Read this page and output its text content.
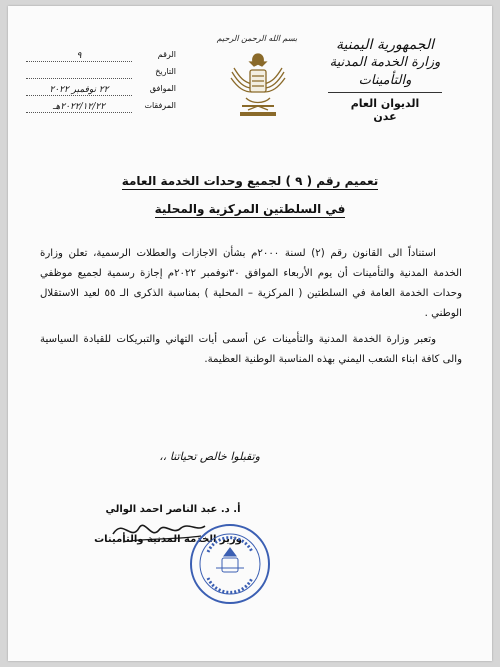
الجمهورية اليمنية
وزارة الخدمة المدنية والتأمينات
الديوان العام
عدن
بسم الله الرحمن الرحيم
الرقم
٩
التاريخ
الموافق
٢٢ نوفمبر ٢٠٢٢
المرفقات
٢٠٢٢/١٢/٢٢هـ
تعميم رقم ( ٩ ) لجميع وحدات الخدمة العامة
في السلطتين المركزية والمحلية

استناداً الى القانون رقم (٢) لسنة ٢٠٠٠م بشأن الاجازات والعطلات الرسمية، تعلن وزارة الخدمة المدنية والتأمينات أن يوم الأربعاء الموافق ٣٠نوفمبر ٢٠٢٢م إجازة رسمية لجميع موظفي وحدات الخدمة العامة في السلطتين ( المركزية – المحلية ) بمناسبة الذكرى الـ ٥٥ لعيد الاستقلال الوطني .

وتعبر وزارة الخدمة المدنية والتأمينات عن أسمى أيات التهاني والتبريكات للقيادة السياسية والى كافة ابناء الشعب اليمني بهذه المناسبة الوطنية العظيمة.

وتقبلوا خالص تحياتنا ،،
أ. د. عبد الناصر احمد الوالي
وزير الخدمة المدنية والتأمينات
